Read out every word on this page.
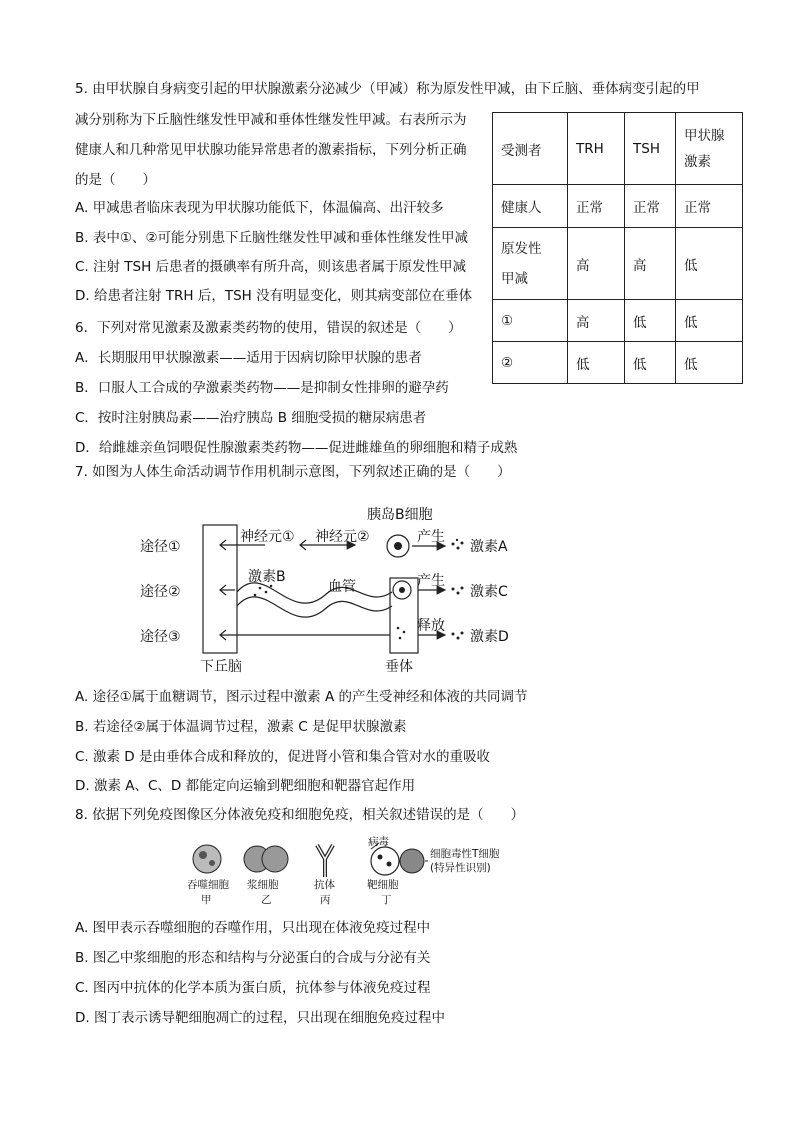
5. 由甲状腺自身病变引起的甲状腺激素分泌减少（甲减）称为原发性甲减，由下丘脑、垂体病变引起的甲
减分别称为下丘脑性继发性甲减和垂体性继发性甲减。右表所示为
健康人和几种常见甲状腺功能异常患者的激素指标，下列分析正确
的是（　　）
A. 甲减患者临床表现为甲状腺功能低下，体温偏高、出汗较多
B. 表中①、②可能分别患下丘脑性继发性甲减和垂体性继发性甲减
C. 注射 TSH 后患者的摄碘率有所升高，则该患者属于原发性甲减
D. 给患者注射 TRH 后，TSH 没有明显变化，则其病变部位在垂体
受测者	TRH	TSH	甲状腺
激素
健康人	正常	正常	正常
原发性
甲减	高	高	低
①	高	低	低
②	低	低	低
6．下列对常见激素及激素类药物的使用，错误的叙述是（　　）
A．长期服用甲状腺激素——适用于因病切除甲状腺的患者
B．口服人工合成的孕激素类药物——是抑制女性排卵的避孕药
C．按时注射胰岛素——治疗胰岛 B 细胞受损的糖尿病患者
D．给雌雄亲鱼饲喂促性腺激素类药物——促进雌雄鱼的卵细胞和精子成熟
7. 如图为人体生命活动调节作用机制示意图，下列叙述正确的是（　　）
途径①
途径②
途径③
下丘脑	垂体
神经元① 神经元②
胰岛B细胞
产生
产生
释放
激素A
激素C
激素D
激素B
血管
A. 途径①属于血糖调节，图示过程中激素 A 的产生受神经和体液的共同调节
B. 若途径②属于体温调节过程，激素 C 是促甲状腺激素
C. 激素 D 是由垂体合成和释放的，促进肾小管和集合管对水的重吸收
D. 激素 A、C、D 都能定向运输到靶细胞和靶器官起作用
8. 依据下列免疫图像区分体液免疫和细胞免疫，相关叙述错误的是（　　）
吞噬细胞 浆细胞	抗体	靶细胞
病毒
细胞毒性T细胞
(特异性识别)
甲	乙	丙	丁
A. 图甲表示吞噬细胞的吞噬作用，只出现在体液免疫过程中
B. 图乙中浆细胞的形态和结构与分泌蛋白的合成与分泌有关
C. 图丙中抗体的化学本质为蛋白质，抗体参与体液免疫过程
D. 图丁表示诱导靶细胞凋亡的过程，只出现在细胞免疫过程中
